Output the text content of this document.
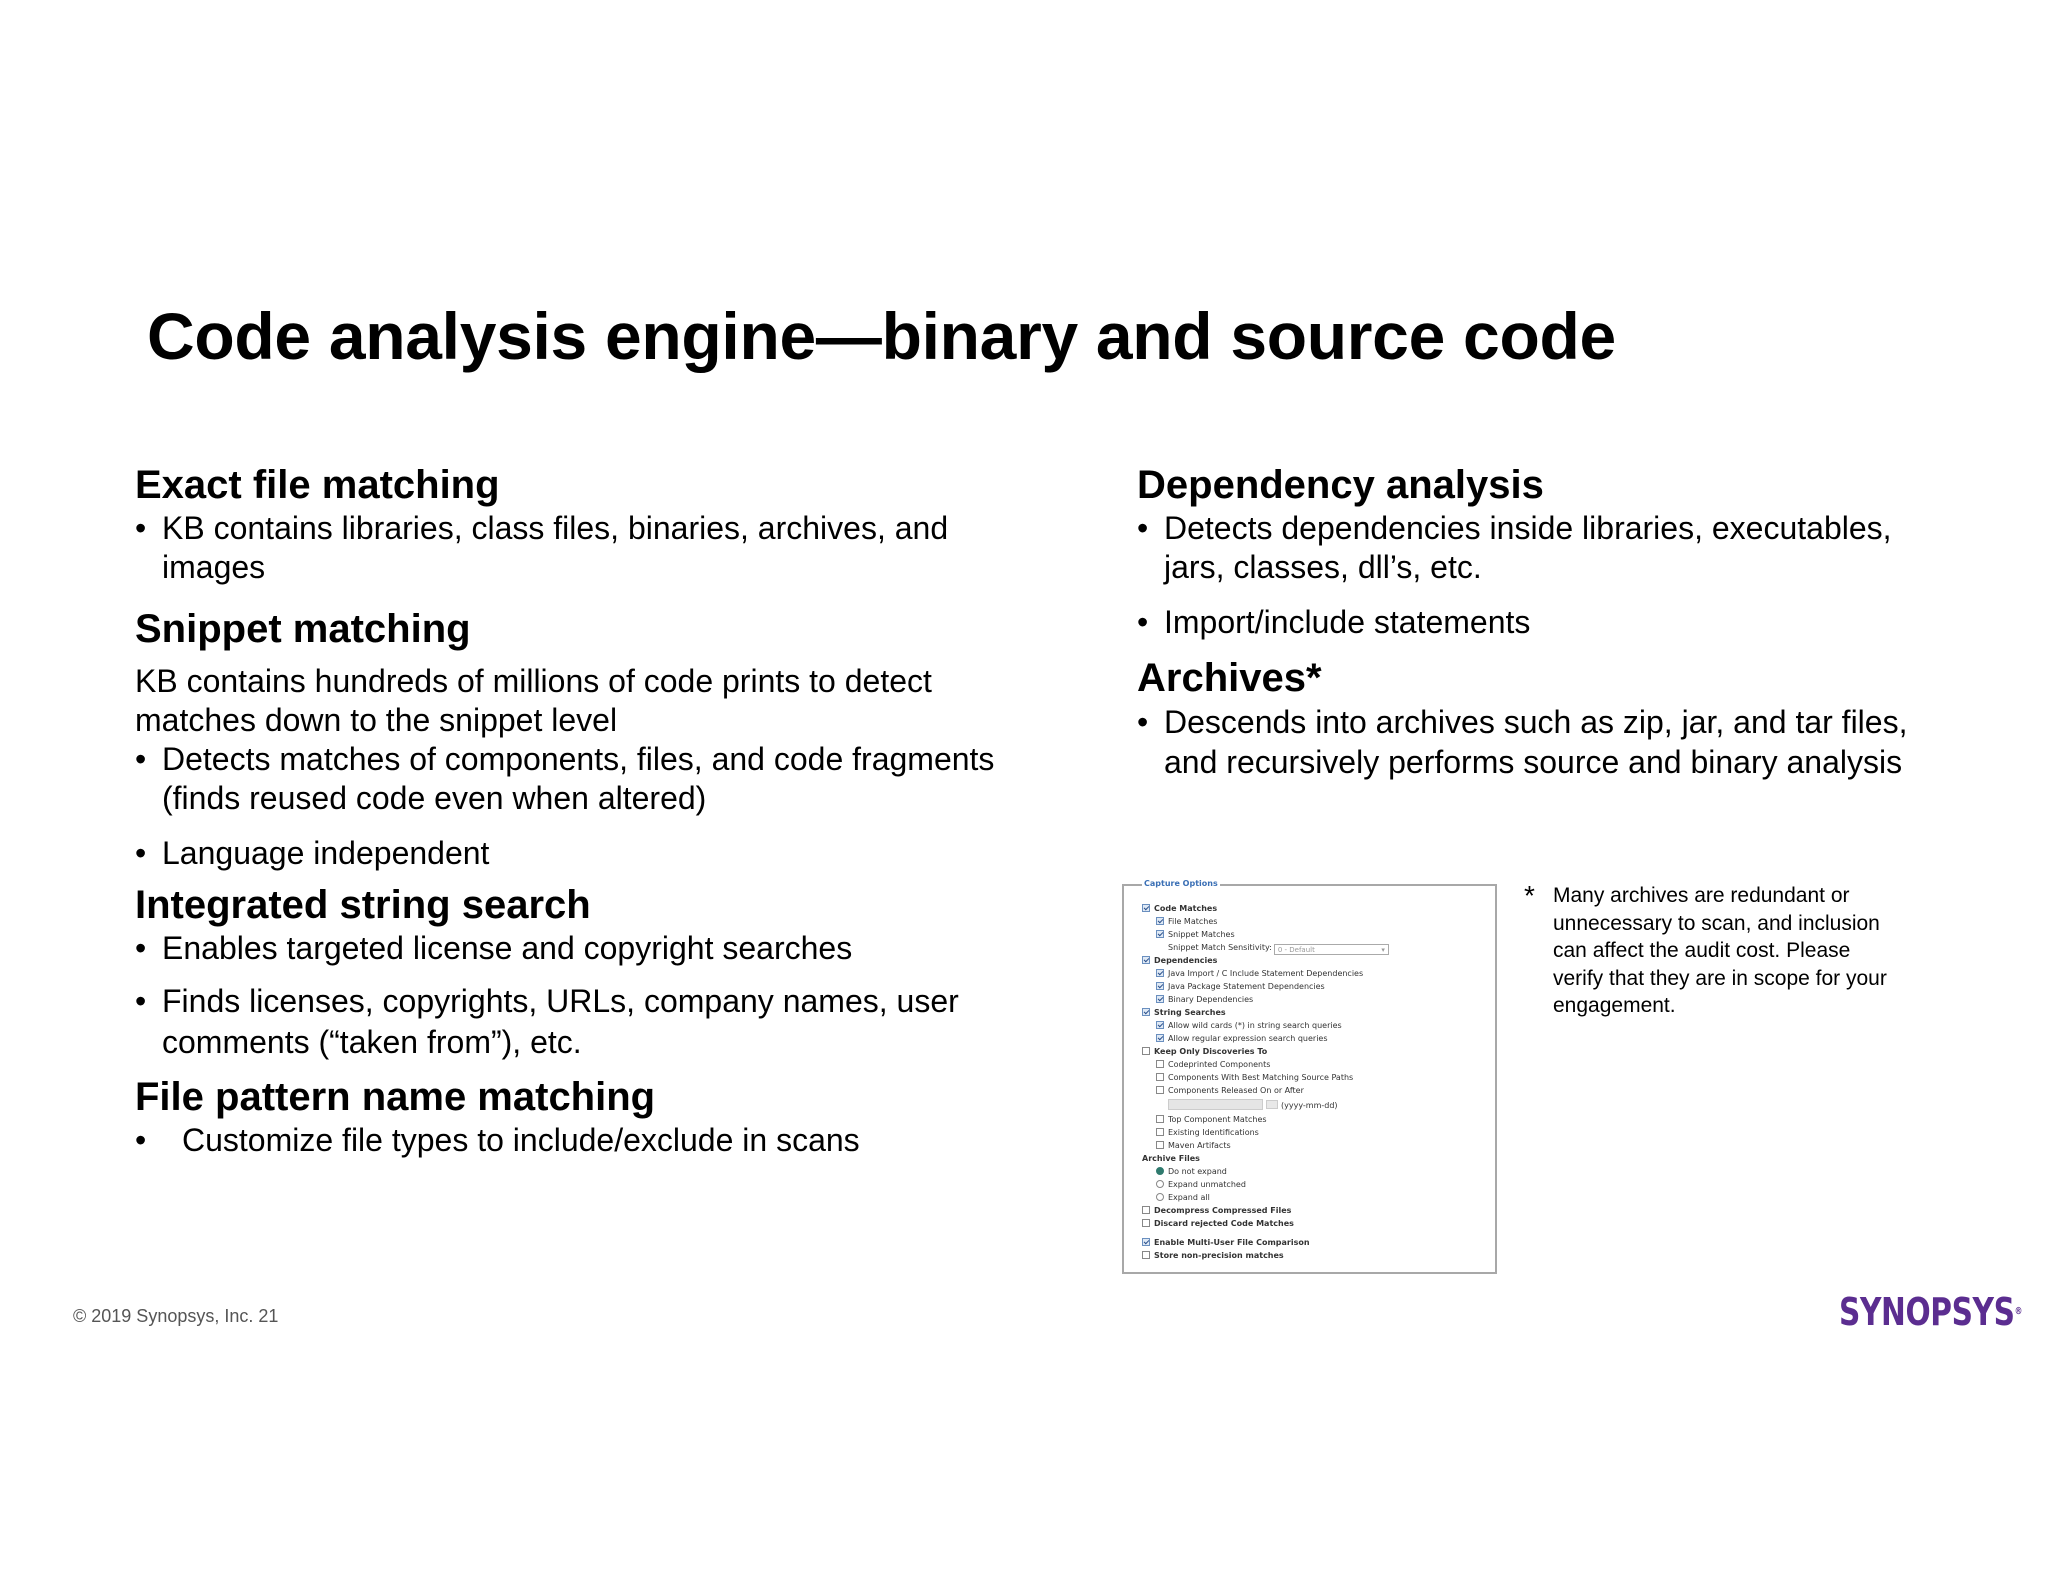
Code analysis engine—binary and source code
Exact file matching
• KB contains libraries, class files, binaries, archives, and images
Snippet matching

KB contains hundreds of millions of code prints to detect matches down to the snippet level

• Detects matches of components, files, and code fragments (finds reused code even when altered)
• Language independent
Integrated string search
• Enables targeted license and copyright searches
• Finds licenses, copyrights, URLs, company names, user comments (“taken from”), etc.
File pattern name matching
• Customize file types to include/exclude in scans
Dependency analysis
• Detects dependencies inside libraries, executables, jars, classes, dll’s, etc.
• Import/include statements
Archives*
• Descends into archives such as zip, jar, and tar files, and recursively performs source and binary analysis
Capture Options
Code Matches
File Matches
Snippet Matches
Snippet Match Sensitivity: 0 - Default ▾
Dependencies
Java Import / C Include Statement Dependencies
Java Package Statement Dependencies
Binary Dependencies
String Searches
Allow wild cards (*) in string search queries
Allow regular expression search queries
Keep Only Discoveries To
Codeprinted Components
Components With Best Matching Source Paths
Components Released On or After
(yyyy-mm-dd)
Top Component Matches
Existing Identifications
Maven Artifacts
Archive Files
Do not expand
Expand unmatched
Expand all
Decompress Compressed Files
Discard rejected Code Matches
Enable Multi-User File Comparison
Store non-precision matches
* Many archives are redundant or unnecessary to scan, and inclusion can affect the audit cost. Please verify that they are in scope for your engagement.

© 2019 Synopsys, Inc. 21	SYNOPSYS®
